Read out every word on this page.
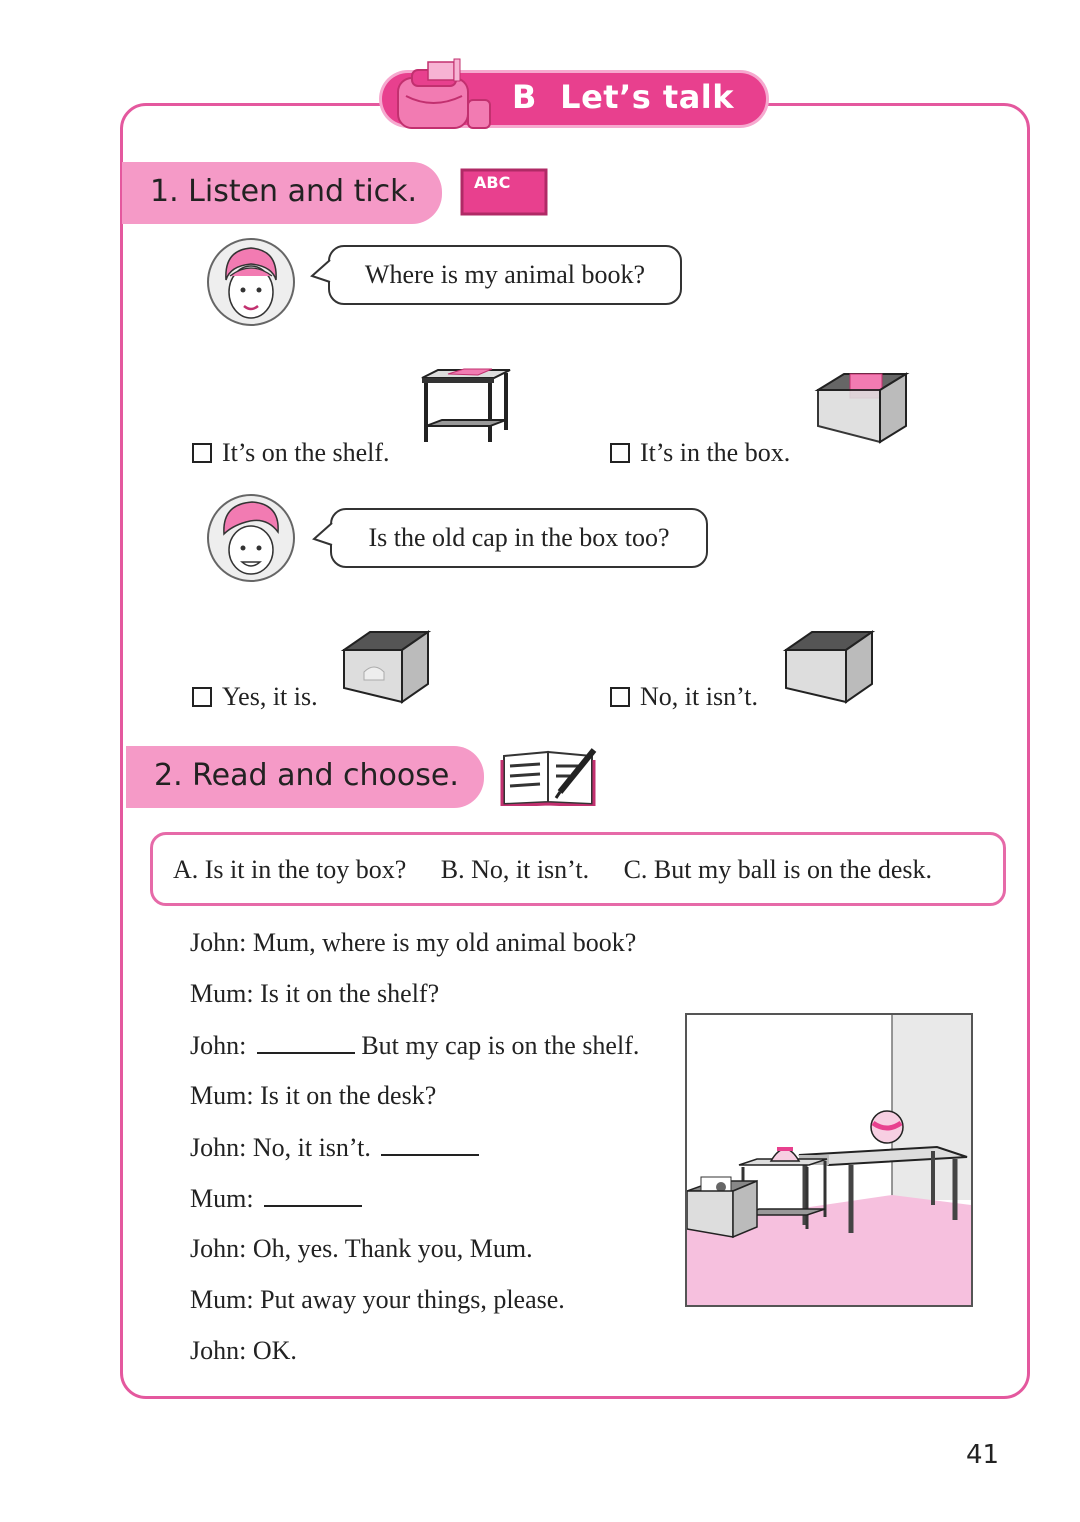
B Let’s talk
1. Listen and tick.	ABC
Where is my animal book?
It’s on the shelf.	It’s in the box.
Is the old cap in the box too?
Yes, it is.	No, it isn’t.
2. Read and choose.
A. Is it in the toy box? B. No, it isn’t. C. But my ball is on the desk.
John: Mum, where is my old animal book?
Mum: Is it on the shelf?
John:	But my cap is on the shelf.
Mum: Is it on the desk?
John: No, it isn’t.
Mum:
John: Oh, yes. Thank you, Mum.
Mum: Put away your things, please.
John: OK.
41
